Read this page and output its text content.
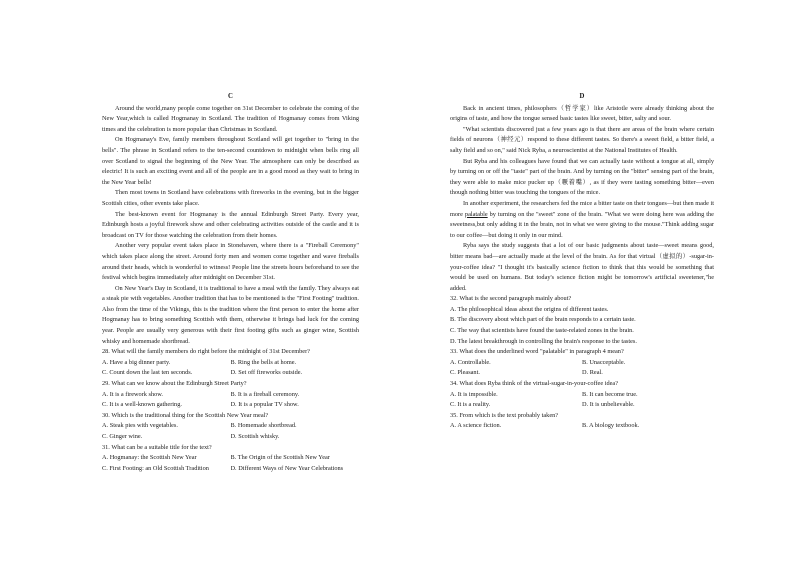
C

Around the world,many people come together on 31st December to celebrate the coming of the New Year,which is called Hogmanay in Scotland. The tradition of Hogmanay comes from Viking times and the celebration is more popular than Christmas in Scotland.

On Hogmanay's Eve, family members throughout Scotland will get together to "bring in the bells". The phrase in Scotland refers to the ten-second countdown to midnight when bells ring all over Scotland to signal the beginning of the New Year. The atmosphere can only be described as electric! It is such an exciting event and all of the people are in a good mood as they wait to bring in the New Year bells!

Then most towns in Scotland have celebrations with fireworks in the evening, but in the bigger Scottish cities, other events take place.

The best-known event for Hogmanay is the annual Edinburgh Street Party. Every year, Edinburgh hosts a joyful firework show and other celebrating activities outside of the castle and it is broadcast on TV for those watching the celebration from their homes.

Another very popular event takes place in Stonehaven, where there is a "Fireball Ceremony" which takes place along the street. Around forty men and women come together and wave fireballs around their heads, which is wonderful to witness! People line the streets hours beforehand to see the festival which begins immediately after midnight on December 31st.

On New Year's Day in Scotland, it is traditional to have a meal with the family. They always eat a steak pie with vegetables. Another tradition that has to be mentioned is the "First Footing" tradition. Also from the time of the Vikings, this is the tradition where the first person to enter the home after Hogmanay has to bring something Scottish with them, otherwise it brings bad luck for the coming year. People are usually very generous with their first footing gifts such as ginger wine, Scottish whisky and homemade shortbread.

28. What will the family members do right before the midnight of 31st December?

A. Have a big dinner party.	B. Ring the bells at home.
C. Count down the last ten seconds.	D. Set off fireworks outside.

29. What can we know about the Edinburgh Street Party?

A. It is a firework show.	B. It is a fireball ceremony.
C. It is a well-known gathering.	D. It is a popular TV show.

30. Which is the traditional thing for the Scottish New Year meal?

A. Steak pies with vegetables.	B. Homemade shortbread.
C. Ginger wine.	D. Scottish whisky.

31. What can be a suitable title for the text?

A. Hogmanay: the Scottish New Year	B. The Origin of the Scottish New Year
C. First Footing: an Old Scottish Tradition	D. Different Ways of New Year Celebrations
D

Back in ancient times, philosophers（哲学家）like Aristotle were already thinking about the origins of taste, and how the tongue sensed basic tastes like sweet, bitter, salty and sour.

"What scientists discovered just a few years ago is that there are areas of the brain where certain fields of neurons（神经元）respond to these different tastes. So there's a sweet field, a bitter field, a salty field and so on," said Nick Ryba, a neuroscientist at the National Institutes of Health.

But Ryba and his colleagues have found that we can actually taste without a tongue at all, simply by turning on or off the "taste" part of the brain. And by turning on the "bitter" sensing part of the brain, they were able to make mice pucker up（噘着嘴）, as if they were tasting something bitter—even though nothing bitter was touching the tongues of the mice.

In another experiment, the researchers fed the mice a bitter taste on their tongues—but then made it more palatable by turning on the "sweet" zone of the brain. "What we were doing here was adding the sweetness,but only adding it in the brain, not in what we were giving to the mouse."Think adding sugar to our coffee—but doing it only in our mind.

Ryba says the study suggests that a lot of our basic judgments about taste—sweet means good, bitter means bad—are actually made at the level of the brain. As for that virtual（虚拟的）-sugar-in-your-coffee idea? "I thought it's basically science fiction to think that this would be something that would be used on humans. But today's science fiction might be tomorrow's artificial sweetener,"he added.

32. What is the second paragraph mainly about?

A. The philosophical ideas about the origins of different tastes.

B. The discovery about which part of the brain responds to a certain taste.

C. The way that scientists have found the taste-related zones in the brain.

D. The latest breakthrough in controlling the brain's response to the tastes.

33. What does the underlined word "palatable" in paragraph 4 mean?

A. Controllable.	B. Unacceptable.
C. Pleasant.	D. Real.

34. What does Ryba think of the virtual-sugar-in-your-coffee idea?

A. It is impossible.	B. It can become true.
C. It is a reality.	D. It is unbelievable.

35. From which is the text probably taken?

A. A science fiction.	B. A biology textbook.
